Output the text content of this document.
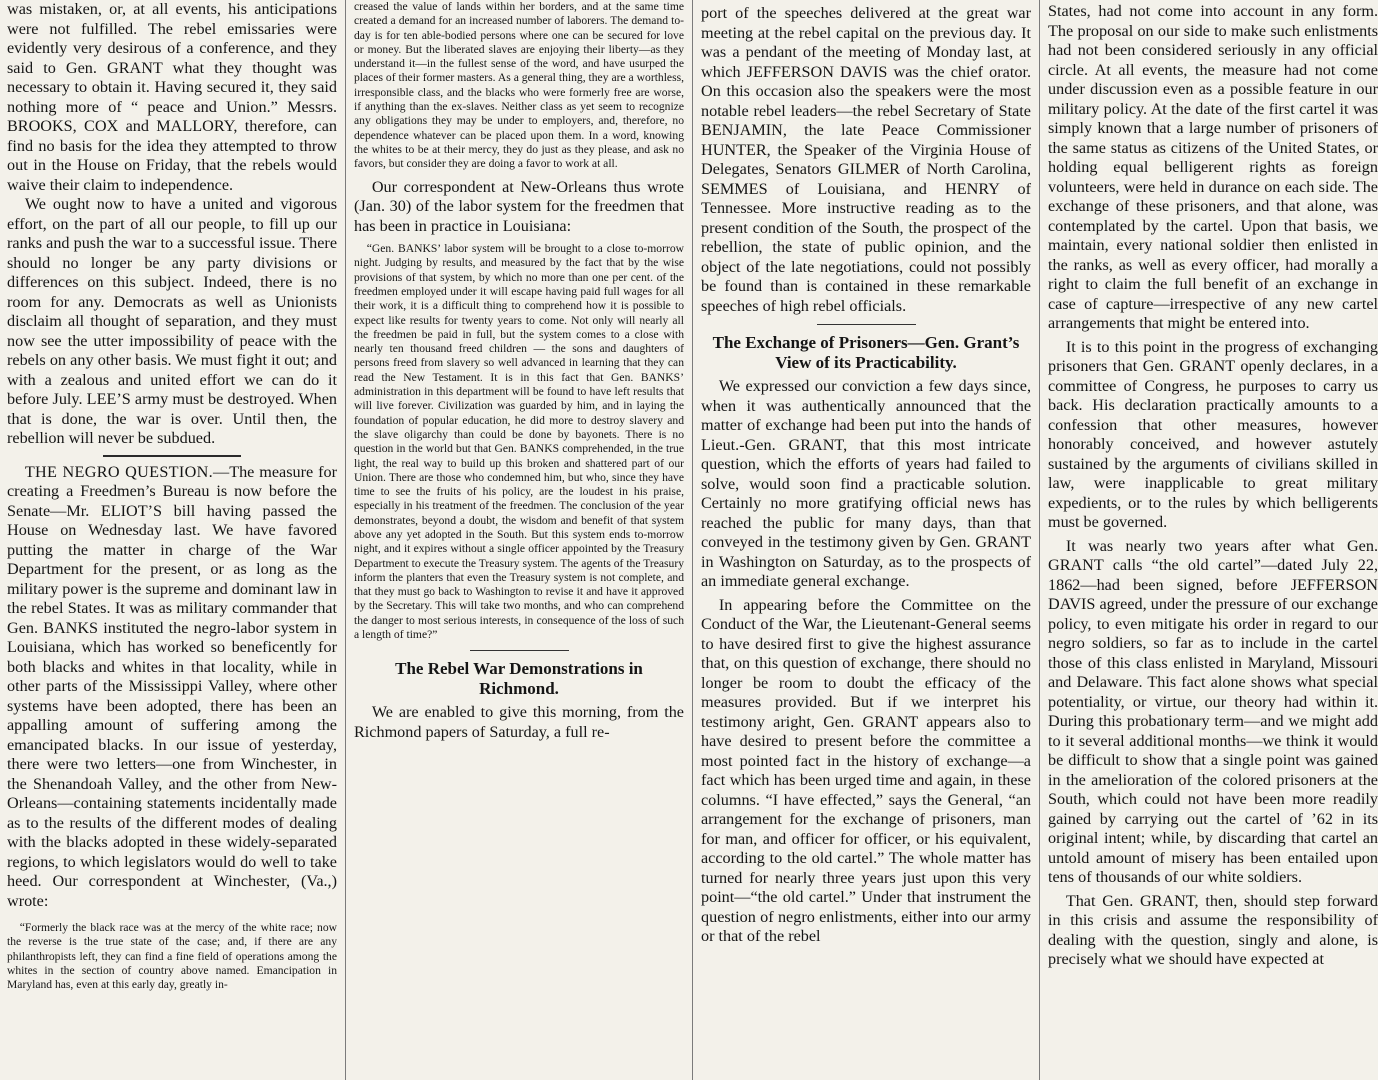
was mistaken, or, at all events, his anticipations were not fulfilled. The rebel emissaries were evidently very desirous of a conference, and they said to Gen. GRANT what they thought was necessary to obtain it. Having secured it, they said nothing more of “ peace and Union.” Messrs. BROOKS, COX and MALLORY, therefore, can find no basis for the idea they attempted to throw out in the House on Friday, that the rebels would waive their claim to independence.

We ought now to have a united and vigorous effort, on the part of all our people, to fill up our ranks and push the war to a successful issue. There should no longer be any party divisions or differences on this subject. Indeed, there is no room for any. Democrats as well as Unionists disclaim all thought of separation, and they must now see the utter impossibility of peace with the rebels on any other basis. We must fight it out; and with a zealous and united effort we can do it before July. LEE’S army must be destroyed. When that is done, the war is over. Until then, the rebellion will never be subdued.

THE NEGRO QUESTION.—The measure for creating a Freedmen’s Bureau is now before the Senate—Mr. ELIOT’S bill having passed the House on Wednesday last. We have favored putting the matter in charge of the War Department for the present, or as long as the military power is the supreme and dominant law in the rebel States. It was as military commander that Gen. BANKS instituted the negro-labor system in Louisiana, which has worked so beneficently for both blacks and whites in that locality, while in other parts of the Mississippi Valley, where other systems have been adopted, there has been an appalling amount of suffering among the emancipated blacks. In our issue of yesterday, there were two letters—one from Winchester, in the Shenandoah Valley, and the other from New-Orleans—containing statements incidentally made as to the results of the different modes of dealing with the blacks adopted in these widely-separated regions, to which legislators would do well to take heed. Our correspondent at Winchester, (Va.,) wrote:

“Formerly the black race was at the mercy of the white race; now the reverse is the true state of the case; and, if there are any philanthropists left, they can find a fine field of operations among the whites in the section of country above named. Emancipation in Maryland has, even at this early day, greatly in-

creased the value of lands within her borders, and at the same time created a demand for an increased number of laborers. The demand to-day is for ten able-bodied persons where one can be secured for love or money. But the liberated slaves are enjoying their liberty—as they understand it—in the fullest sense of the word, and have usurped the places of their former masters. As a general thing, they are a worthless, irresponsible class, and the blacks who were formerly free are worse, if anything than the ex-slaves. Neither class as yet seem to recognize any obligations they may be under to employers, and, therefore, no dependence whatever can be placed upon them. In a word, knowing the whites to be at their mercy, they do just as they please, and ask no favors, but consider they are doing a favor to work at all.

Our correspondent at New-Orleans thus wrote (Jan. 30) of the labor system for the freedmen that has been in practice in Louisiana:

“Gen. BANKS’ labor system will be brought to a close to-morrow night. Judging by results, and measured by the fact that by the wise provisions of that system, by which no more than one per cent. of the freedmen employed under it will escape having paid full wages for all their work, it is a difficult thing to comprehend how it is possible to expect like results for twenty years to come. Not only will nearly all the freedmen be paid in full, but the system comes to a close with nearly ten thousand freed children — the sons and daughters of persons freed from slavery so well advanced in learning that they can read the New Testament. It is in this fact that Gen. BANKS’ administration in this department will be found to have left results that will live forever. Civilization was guarded by him, and in laying the foundation of popular education, he did more to destroy slavery and the slave oligarchy than could be done by bayonets. There is no question in the world but that Gen. BANKS comprehended, in the true light, the real way to build up this broken and shattered part of our Union. There are those who condemned him, but who, since they have time to see the fruits of his policy, are the loudest in his praise, especially in his treatment of the freedmen. The conclusion of the year demonstrates, beyond a doubt, the wisdom and benefit of that system above any yet adopted in the South. But this system ends to-morrow night, and it expires without a single officer appointed by the Treasury Department to execute the Treasury system. The agents of the Treasury inform the planters that even the Treasury system is not complete, and that they must go back to Washington to revise it and have it approved by the Secretary. This will take two months, and who can comprehend the danger to most serious interests, in consequence of the loss of such a length of time?”

The Rebel War Demonstrations in Richmond.

We are enabled to give this morning, from the Richmond papers of Saturday, a full re-

port of the speeches delivered at the great war meeting at the rebel capital on the previous day. It was a pendant of the meeting of Monday last, at which JEFFERSON DAVIS was the chief orator. On this occasion also the speakers were the most notable rebel leaders—the rebel Secretary of State BENJAMIN, the late Peace Commissioner HUNTER, the Speaker of the Virginia House of Delegates, Senators GILMER of North Carolina, SEMMES of Louisiana, and HENRY of Tennessee. More instructive reading as to the present condition of the South, the prospect of the rebellion, the state of public opinion, and the object of the late negotiations, could not possibly be found than is contained in these remarkable speeches of high rebel officials.

The Exchange of Prisoners—Gen. Grant’s View of its Practicability.

We expressed our conviction a few days since, when it was authentically announced that the matter of exchange had been put into the hands of Lieut.-Gen. GRANT, that this most intricate question, which the efforts of years had failed to solve, would soon find a practicable solution. Certainly no more gratifying official news has reached the public for many days, than that conveyed in the testimony given by Gen. GRANT in Washington on Saturday, as to the prospects of an immediate general exchange.

In appearing before the Committee on the Conduct of the War, the Lieutenant-General seems to have desired first to give the highest assurance that, on this question of exchange, there should no longer be room to doubt the efficacy of the measures provided. But if we interpret his testimony aright, Gen. GRANT appears also to have desired to present before the committee a most pointed fact in the history of exchange—a fact which has been urged time and again, in these columns. “I have effected,” says the General, “an arrangement for the exchange of prisoners, man for man, and officer for officer, or his equivalent, according to the old cartel.” The whole matter has turned for nearly three years just upon this very point—“the old cartel.” Under that instrument the question of negro enlistments, either into our army or that of the rebel

States, had not come into account in any form. The proposal on our side to make such enlistments had not been considered seriously in any official circle. At all events, the measure had not come under discussion even as a possible feature in our military policy. At the date of the first cartel it was simply known that a large number of prisoners of the same status as citizens of the United States, or holding equal belligerent rights as foreign volunteers, were held in durance on each side. The exchange of these prisoners, and that alone, was contemplated by the cartel. Upon that basis, we maintain, every national soldier then enlisted in the ranks, as well as every officer, had morally a right to claim the full benefit of an exchange in case of capture—irrespective of any new cartel arrangements that might be entered into.

It is to this point in the progress of exchanging prisoners that Gen. GRANT openly declares, in a committee of Congress, he purposes to carry us back. His declaration practically amounts to a confession that other measures, however honorably conceived, and however astutely sustained by the arguments of civilians skilled in law, were inapplicable to great military expedients, or to the rules by which belligerents must be governed.

It was nearly two years after what Gen. GRANT calls “the old cartel”—dated July 22, 1862—had been signed, before JEFFERSON DAVIS agreed, under the pressure of our exchange policy, to even mitigate his order in regard to our negro soldiers, so far as to include in the cartel those of this class enlisted in Maryland, Missouri and Delaware. This fact alone shows what special potentiality, or virtue, our theory had within it. During this probationary term—and we might add to it several additional months—we think it would be difficult to show that a single point was gained in the amelioration of the colored prisoners at the South, which could not have been more readily gained by carrying out the cartel of ’62 in its original intent; while, by discarding that cartel an untold amount of misery has been entailed upon tens of thousands of our white soldiers.

That Gen. GRANT, then, should step forward in this crisis and assume the responsibility of dealing with the question, singly and alone, is precisely what we should have expected at
